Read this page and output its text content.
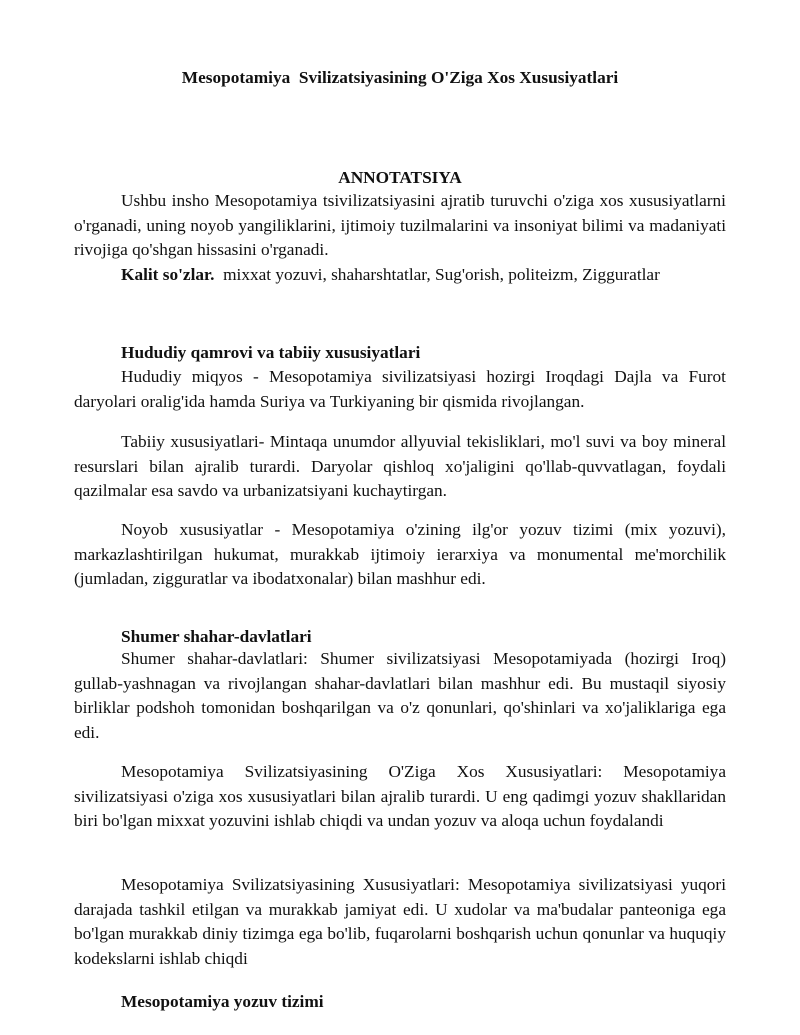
Mesopotamiya  Svilizatsiyasining O'Ziga Xos Xususiyatlari
ANNOTATSIYA

Ushbu insho Mesopotamiya tsivilizatsiyasini ajratib turuvchi o'ziga xos xususiyatlarni o'rganadi, uning noyob yangiliklarini, ijtimoiy tuzilmalarini va insoniyat bilimi va madaniyati rivojiga qo'shgan hissasini o'rganadi.

Kalit so'zlar. mixxat yozuvi, shaharshtatlar, Sug'orish, politeizm, Zigguratlar

Hududiy qamrovi va tabiiy xususiyatlari

Hududiy miqyos - Mesopotamiya sivilizatsiyasi hozirgi Iroqdagi Dajla va Furot daryolari oralig'ida hamda Suriya va Turkiyaning bir qismida rivojlangan.

Tabiiy xususiyatlari- Mintaqa unumdor allyuvial tekisliklari, mo'l suvi va boy mineral resurslari bilan ajralib turardi. Daryolar qishloq xo'jaligini qo'llab-quvvatlagan, foydali qazilmalar esa savdo va urbanizatsiyani kuchaytirgan.

Noyob xususiyatlar - Mesopotamiya o'zining ilg'or yozuv tizimi (mix yozuvi), markazlashtirilgan hukumat, murakkab ijtimoiy ierarxiya va monumental me'morchilik (jumladan, zigguratlar va ibodatxonalar) bilan mashhur edi.

Shumer shahar-davlatlari

Shumer shahar-davlatlari: Shumer sivilizatsiyasi Mesopotamiyada (hozirgi Iroq) gullab-yashnagan va rivojlangan shahar-davlatlari bilan mashhur edi. Bu mustaqil siyosiy birliklar podshoh tomonidan boshqarilgan va o'z qonunlari, qo'shinlari va xo'jaliklariga ega edi.

Mesopotamiya Svilizatsiyasining O'Ziga Xos Xususiyatlari: Mesopotamiya sivilizatsiyasi o'ziga xos xususiyatlari bilan ajralib turardi. U eng qadimgi yozuv shakllaridan biri bo'lgan mixxat yozuvini ishlab chiqdi va undan yozuv va aloqa uchun foydalandi

Mesopotamiya Svilizatsiyasining Xususiyatlari: Mesopotamiya sivilizatsiyasi yuqori darajada tashkil etilgan va murakkab jamiyat edi. U xudolar va ma'budalar panteoniga ega bo'lgan murakkab diniy tizimga ega bo'lib, fuqarolarni boshqarish uchun qonunlar va huquqiy kodekslarni ishlab chiqdi

Mesopotamiya yozuv tizimi
